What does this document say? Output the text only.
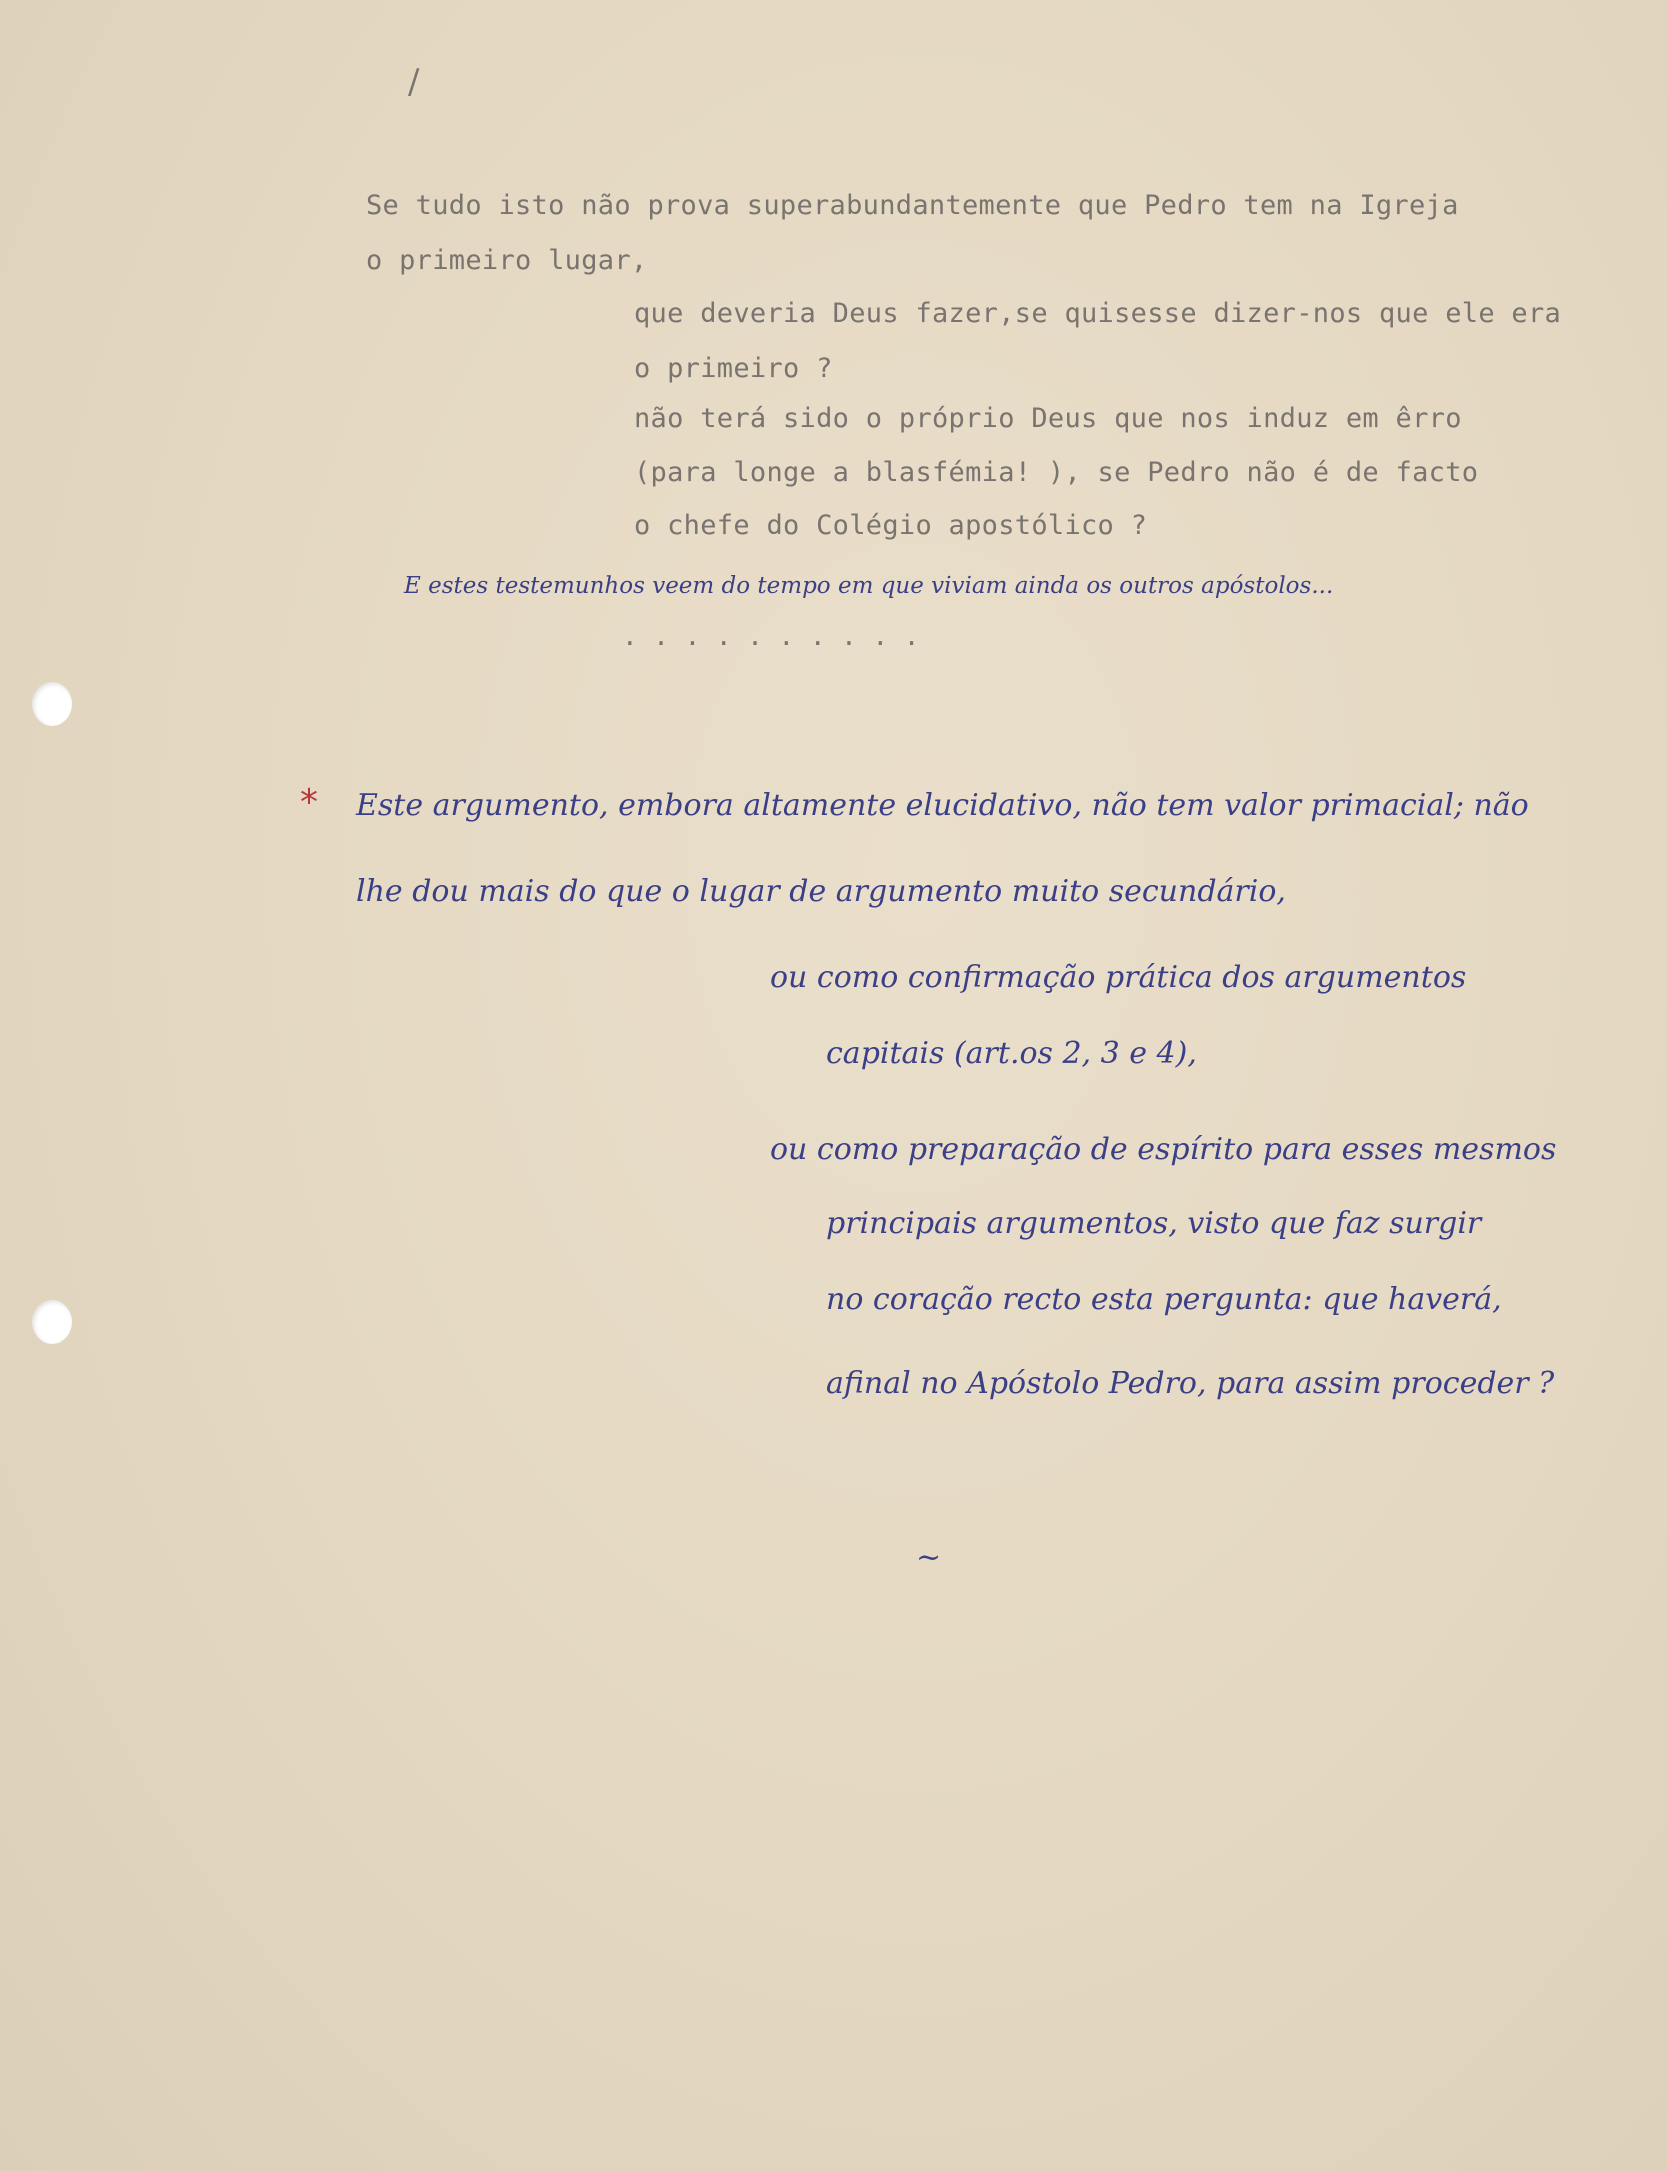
/
Se tudo isto não prova superabundantemente que Pedro tem na Igreja
o primeiro lugar,
que deveria Deus fazer,se quisesse dizer-nos que ele era
o primeiro ?
não terá sido o próprio Deus que nos induz em êrro
(para longe a blasfémia! ), se Pedro não é de facto
o chefe do Colégio apostólico ?
E estes testemunhos veem do tempo em que viviam ainda os outros apóstolos...
. . . . . . . . . .
* Este argumento, embora altamente elucidativo, não tem valor primacial; não
lhe dou mais do que o lugar de argumento muito secundário,
ou como confirmação prática dos argumentos
capitais (art.os 2, 3 e 4),
ou como preparação de espírito para esses mesmos
principais argumentos, visto que faz surgir
no coração recto esta pergunta: que haverá,
afinal no Apóstolo Pedro, para assim proceder ?
~
